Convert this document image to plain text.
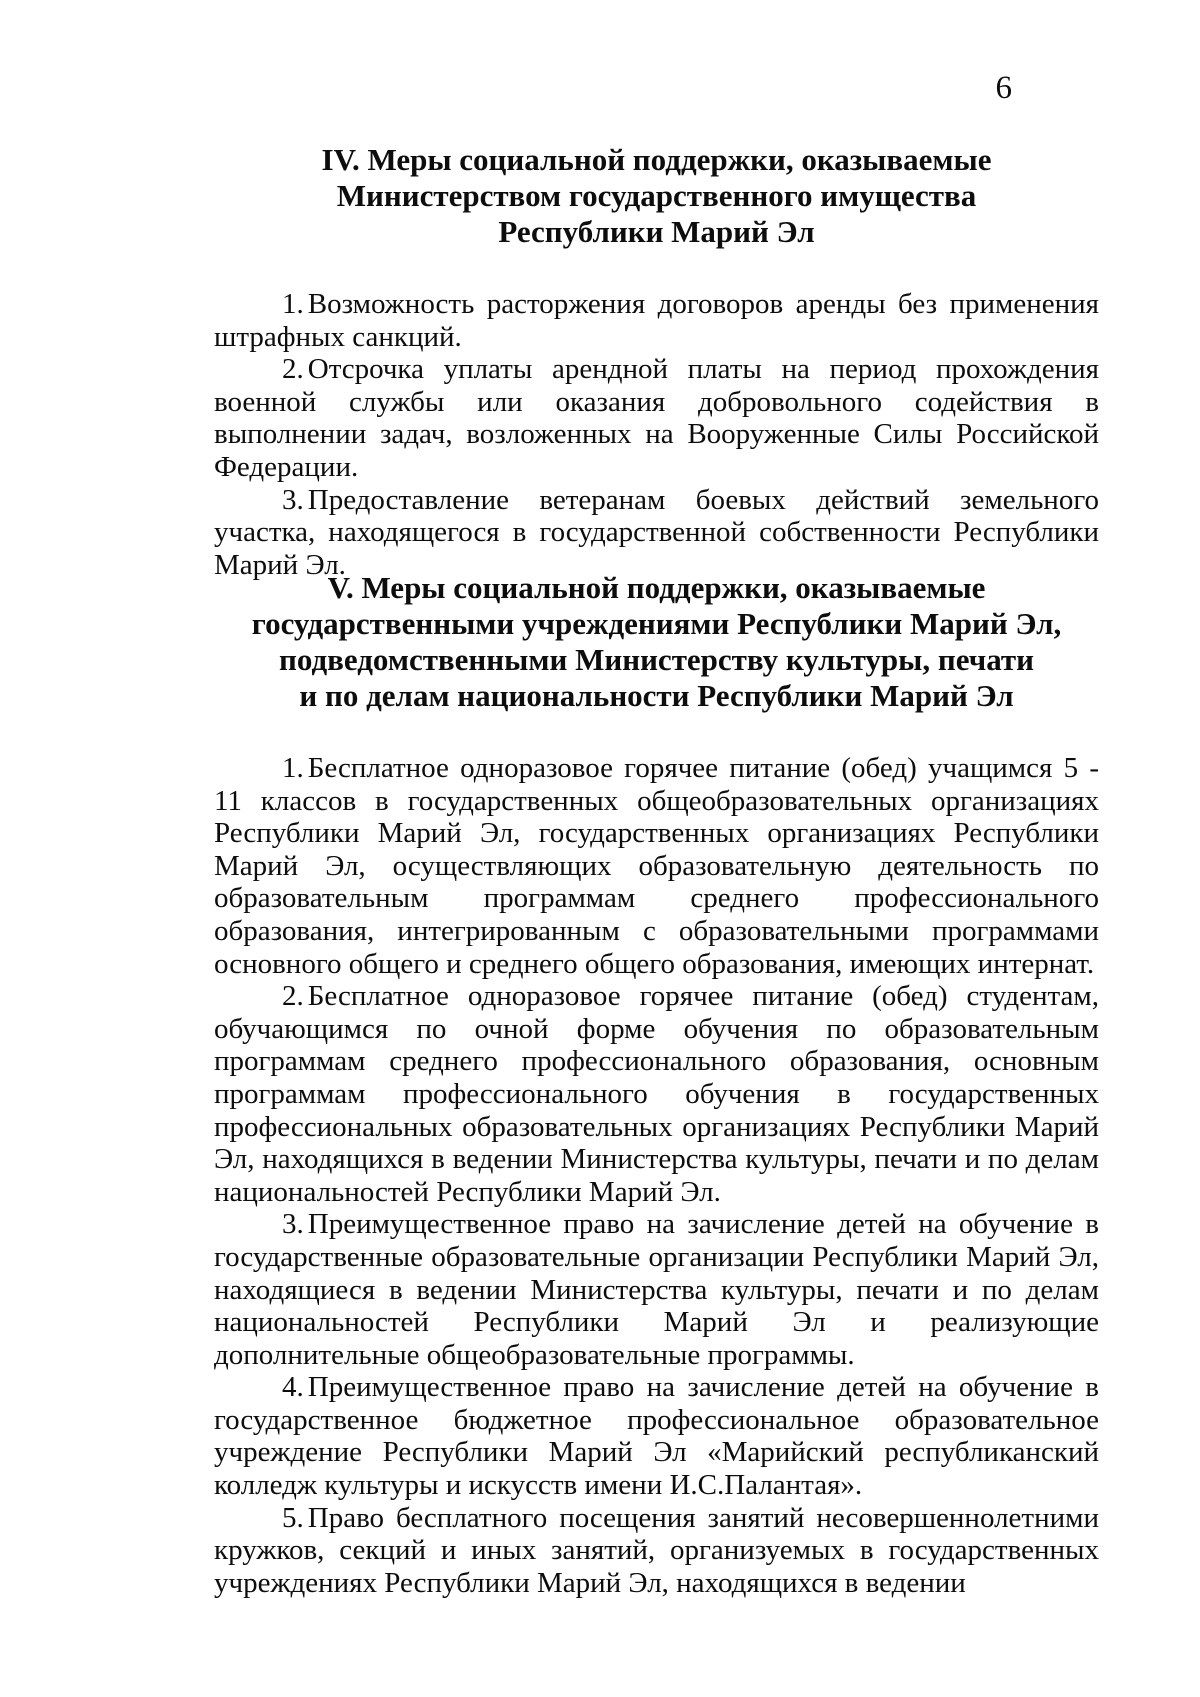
6

IV. Меры социальной поддержки, оказываемые
Министерством государственного имущества
Республики Марий Эл

1. Возможность расторжения договоров аренды без применения штрафных санкций.

2. Отсрочка уплаты арендной платы на период прохождения военной службы или оказания добровольного содействия в выполнении задач, возложенных на Вооруженные Силы Российской Федерации.

3. Предоставление ветеранам боевых действий земельного участка, находящегося в государственной собственности Республики Марий Эл.

V. Меры социальной поддержки, оказываемые
государственными учреждениями Республики Марий Эл,
подведомственными Министерству культуры, печати
и по делам национальности Республики Марий Эл

1. Бесплатное одноразовое горячее питание (обед) учащимся 5 - 11 классов в государственных общеобразовательных организациях Республики Марий Эл, государственных организациях Республики Марий Эл, осуществляющих образовательную деятельность по образовательным программам среднего профессионального образования, интегрированным с образовательными программами основного общего и среднего общего образования, имеющих интернат.

2. Бесплатное одноразовое горячее питание (обед) студентам, обучающимся по очной форме обучения по образовательным программам среднего профессионального образования, основным программам профессионального обучения в государственных профессиональных образовательных организациях Республики Марий Эл, находящихся в ведении Министерства культуры, печати и по делам национальностей Республики Марий Эл.

3. Преимущественное право на зачисление детей на обучение в государственные образовательные организации Республики Марий Эл, находящиеся в ведении Министерства культуры, печати и по делам национальностей Республики Марий Эл и реализующие дополнительные общеобразовательные программы.

4. Преимущественное право на зачисление детей на обучение в государственное бюджетное профессиональное образовательное учреждение Республики Марий Эл «Марийский республиканский колледж культуры и искусств имени И.С.Палантая».

5. Право бесплатного посещения занятий несовершеннолетними кружков, секций и иных занятий, организуемых в государственных учреждениях Республики Марий Эл, находящихся в ведении
